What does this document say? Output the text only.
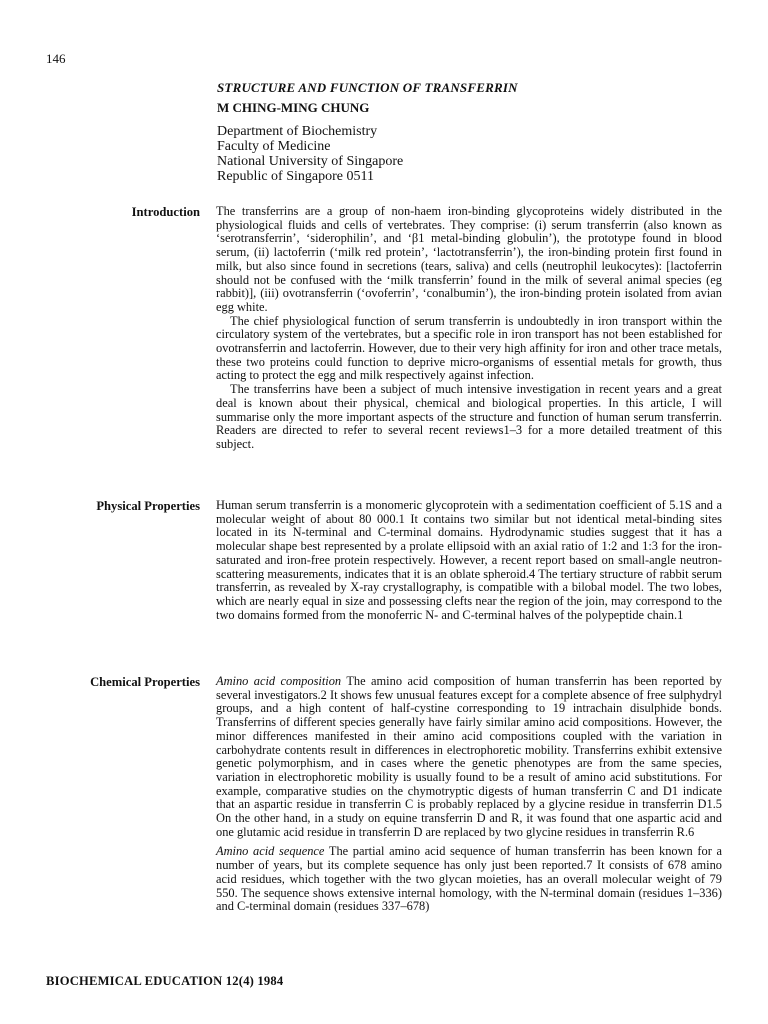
146

STRUCTURE AND FUNCTION OF TRANSFERRIN

M CHING-MING CHUNG
Department of Biochemistry
Faculty of Medicine
National University of Singapore
Republic of Singapore 0511
Introduction The transferrins are a group of non-haem iron-binding glycoproteins widely distributed in the physiological fluids and cells of vertebrates. They comprise: (i) serum transferrin (also known as ‘serotransferrin’, ‘siderophilin’, and ‘β1 metal-binding globulin’), the prototype found in blood serum, (ii) lactoferrin (‘milk red protein’, ‘lactotransferrin’), the iron-binding protein first found in milk, but also since found in secretions (tears, saliva) and cells (neutrophil leukocytes): [lactoferrin should not be confused with the ‘milk transferrin’ found in the milk of several animal species (eg rabbit)], (iii) ovotransferrin (‘ovoferrin’, ‘conalbumin’), the iron-binding protein isolated from avian egg white.

The chief physiological function of serum transferrin is undoubtedly in iron transport within the circulatory system of the vertebrates, but a specific role in iron transport has not been established for ovotransferrin and lactoferrin. However, due to their very high affinity for iron and other trace metals, these two proteins could function to deprive micro-organisms of essential metals for growth, thus acting to protect the egg and milk respectively against infection.

The transferrins have been a subject of much intensive investigation in recent years and a great deal is known about their physical, chemical and biological properties. In this article, I will summarise only the more important aspects of the structure and function of human serum transferrin. Readers are directed to refer to several recent reviews1–3 for a more detailed treatment of this subject.

Physical Properties Human serum transferrin is a monomeric glycoprotein with a sedimentation coefficient of 5.1S and a molecular weight of about 80 000.1 It contains two similar but not identical metal-binding sites located in its N-terminal and C-terminal domains. Hydrodynamic studies suggest that it has a molecular shape best represented by a prolate ellipsoid with an axial ratio of 1:2 and 1:3 for the iron-saturated and iron-free protein respectively. However, a recent report based on small-angle neutron-scattering measurements, indicates that it is an oblate spheroid.4 The tertiary structure of rabbit serum transferrin, as revealed by X-ray crystallography, is compatible with a bilobal model. The two lobes, which are nearly equal in size and possessing clefts near the region of the join, may correspond to the two domains formed from the monoferric N- and C-terminal halves of the polypeptide chain.1

Chemical Properties Amino acid composition The amino acid composition of human transferrin has been reported by several investigators.2 It shows few unusual features except for a complete absence of free sulphydryl groups, and a high content of half-cystine corresponding to 19 intrachain disulphide bonds. Transferrins of different species generally have fairly similar amino acid compositions. However, the minor differences manifested in their amino acid compositions coupled with the variation in carbohydrate contents result in differences in electrophoretic mobility. Transferrins exhibit extensive genetic polymorphism, and in cases where the genetic phenotypes are from the same species, variation in electrophoretic mobility is usually found to be a result of amino acid substitutions. For example, comparative studies on the chymotryptic digests of human transferrin C and D1 indicate that an aspartic residue in transferrin C is probably replaced by a glycine residue in transferrin D1.5 On the other hand, in a study on equine transferrin D and R, it was found that one aspartic acid and one glutamic acid residue in transferrin D are replaced by two glycine residues in transferrin R.6

Amino acid sequence The partial amino acid sequence of human transferrin has been known for a number of years, but its complete sequence has only just been reported.7 It consists of 678 amino acid residues, which together with the two glycan moieties, has an overall molecular weight of 79 550. The sequence shows extensive internal homology, with the N-terminal domain (residues 1–336) and C-terminal domain (residues 337–678)

BIOCHEMICAL EDUCATION 12(4) 1984
